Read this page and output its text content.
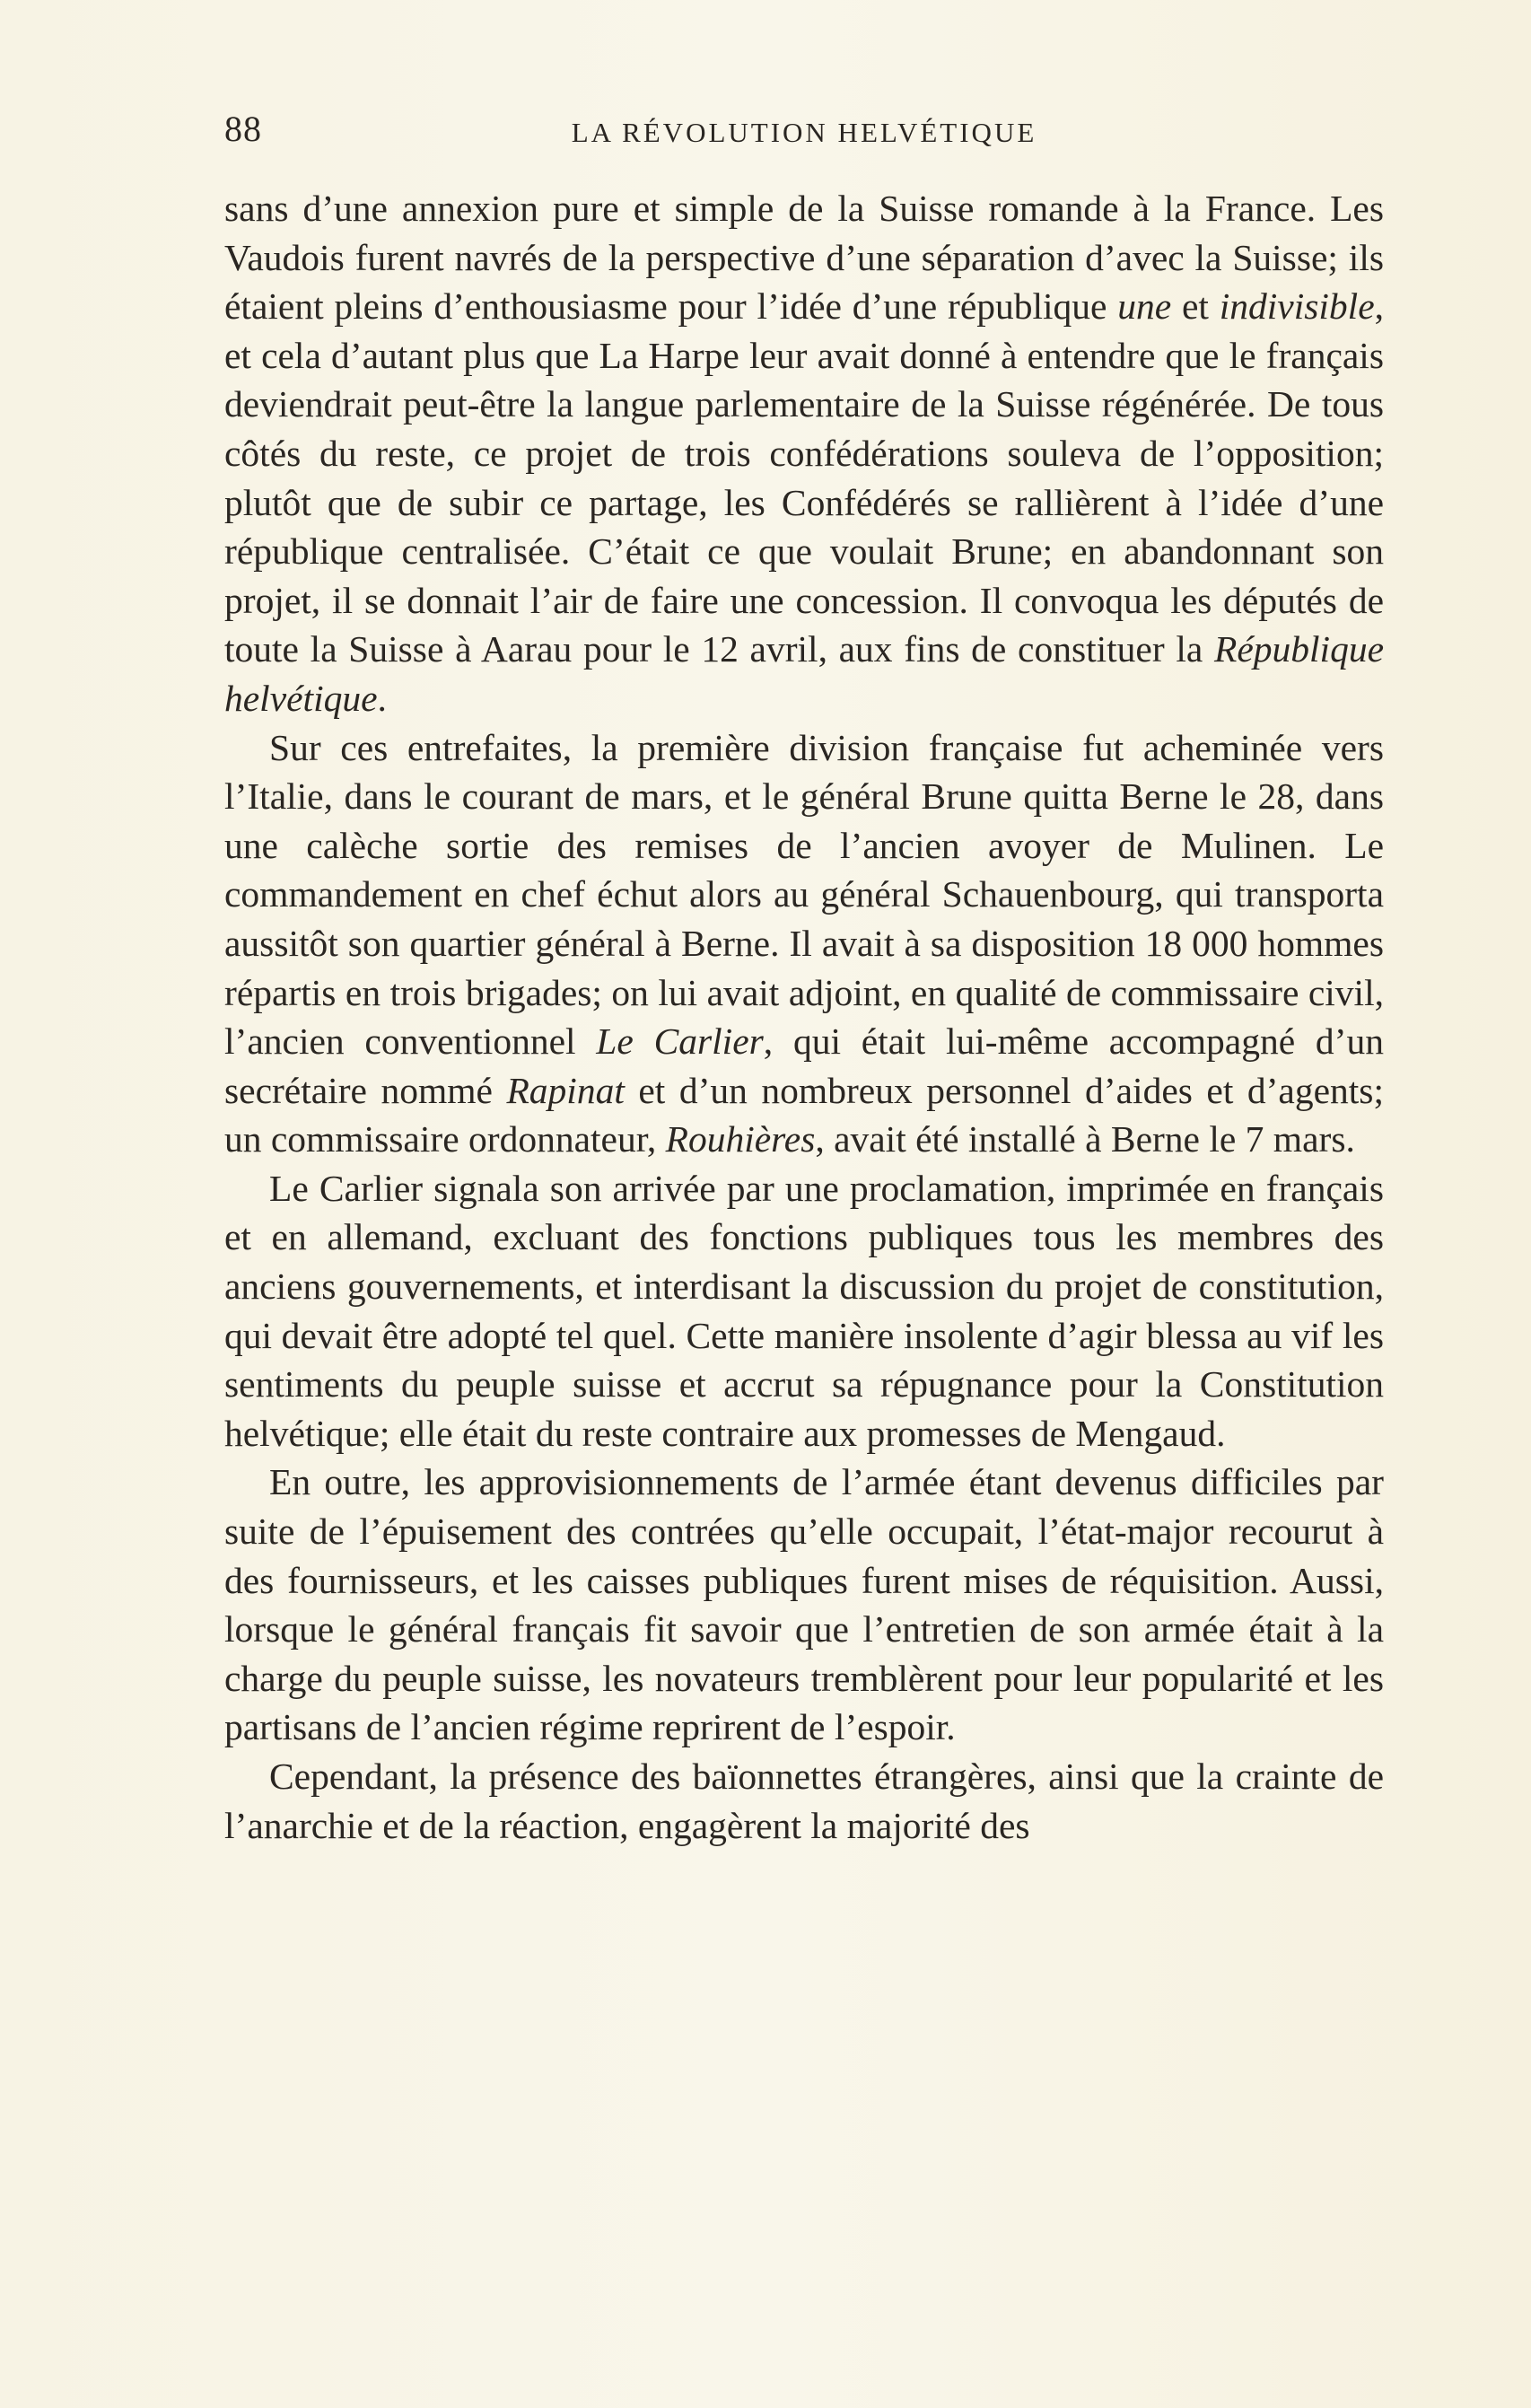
88	LA RÉVOLUTION HELVÉTIQUE

sans d’une annexion pure et simple de la Suisse romande à la France. Les Vaudois furent navrés de la perspective d’une séparation d’avec la Suisse; ils étaient pleins d’enthousiasme pour l’idée d’une république une et indivisible, et cela d’autant plus que La Harpe leur avait donné à entendre que le français deviendrait peut-être la langue parlementaire de la Suisse régénérée. De tous côtés du reste, ce projet de trois confédérations souleva de l’opposition; plutôt que de subir ce partage, les Confédérés se rallièrent à l’idée d’une république centralisée. C’était ce que voulait Brune; en abandonnant son projet, il se donnait l’air de faire une concession. Il convoqua les députés de toute la Suisse à Aarau pour le 12 avril, aux fins de constituer la République helvétique.

Sur ces entrefaites, la première division française fut acheminée vers l’Italie, dans le courant de mars, et le général Brune quitta Berne le 28, dans une calèche sortie des remises de l’ancien avoyer de Mulinen. Le commandement en chef échut alors au général Schauenbourg, qui transporta aussitôt son quartier général à Berne. Il avait à sa disposition 18 000 hommes répartis en trois brigades; on lui avait adjoint, en qualité de commissaire civil, l’ancien conventionnel Le Carlier, qui était lui-même accompagné d’un secrétaire nommé Rapinat et d’un nombreux personnel d’aides et d’agents; un commissaire ordonnateur, Rouhières, avait été installé à Berne le 7 mars.

Le Carlier signala son arrivée par une proclamation, imprimée en français et en allemand, excluant des fonctions publiques tous les membres des anciens gouvernements, et interdisant la discussion du projet de constitution, qui devait être adopté tel quel. Cette manière insolente d’agir blessa au vif les sentiments du peuple suisse et accrut sa répugnance pour la Constitution helvétique; elle était du reste contraire aux promesses de Mengaud.

En outre, les approvisionnements de l’armée étant devenus difficiles par suite de l’épuisement des contrées qu’elle occupait, l’état-major recourut à des fournisseurs, et les caisses publiques furent mises de réquisition. Aussi, lorsque le général français fit savoir que l’entretien de son armée était à la charge du peuple suisse, les novateurs tremblèrent pour leur popularité et les partisans de l’ancien régime reprirent de l’espoir.

Cependant, la présence des baïonnettes étrangères, ainsi que la crainte de l’anarchie et de la réaction, engagèrent la majorité des
